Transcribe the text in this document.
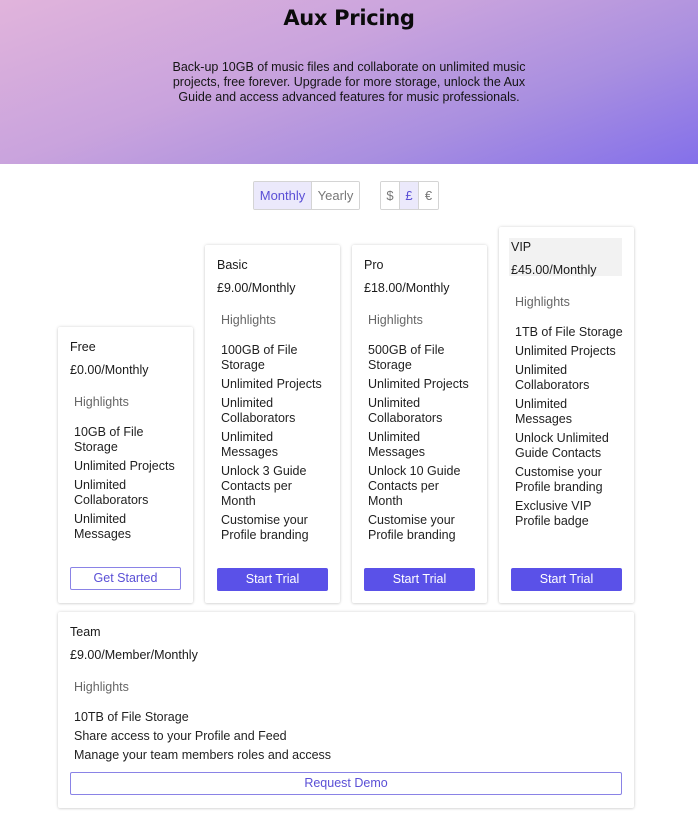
Aux Pricing

Back-up 10GB of music files and collaborate on unlimited music projects, free forever. Upgrade for more storage, unlock the Aux Guide and access advanced features for music professionals.

Monthly Yearly	$ £ €
Free
£0.00/Monthly
Highlights
10GB of File Storage
Unlimited Projects
Unlimited Collaborators
Unlimited Messages
Get Started
Basic
£9.00/Monthly
Highlights
100GB of File Storage
Unlimited Projects
Unlimited Collaborators
Unlimited Messages
Unlock 3 Guide Contacts per Month
Customise your Profile branding
Start Trial
Pro
£18.00/Monthly
Highlights
500GB of File Storage
Unlimited Projects
Unlimited Collaborators
Unlimited Messages
Unlock 10 Guide Contacts per Month
Customise your Profile branding
Start Trial
VIP
£45.00/Monthly
Highlights
1TB of File Storage
Unlimited Projects
Unlimited Collaborators
Unlimited Messages
Unlock Unlimited Guide Contacts
Customise your Profile branding
Exclusive VIP Profile badge
Start Trial
Team
£9.00/Member/Monthly
Highlights
10TB of File Storage
Share access to your Profile and Feed
Manage your team members roles and access
Request Demo
